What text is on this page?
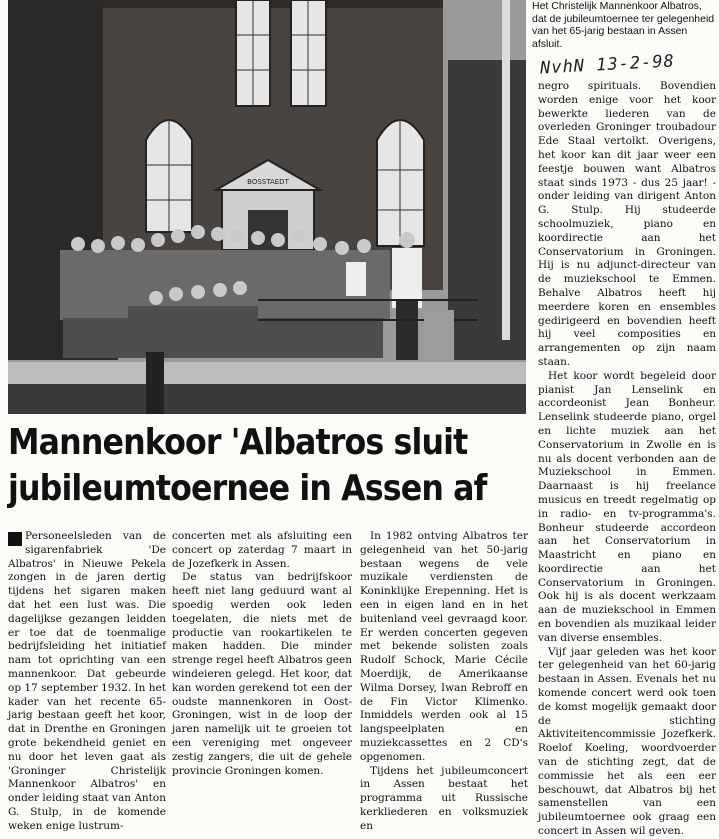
BOSSTAEDT
Het Christelijk Mannenkoor Albatros, dat de jubileumtoernee ter gelegenheid van het 65-jarig bestaan in Assen afsluit.
NvhN 13-2-98
Mannenkoor 'Albatros sluit
jubileumtoernee in Assen af

Personeelsleden van de sigarenfabriek 'De Albatros' in Nieuwe Pekela zongen in de jaren dertig tijdens het sigaren maken dat het een lust was. Die dagelijkse gezangen leidden er toe dat de toenmalige bedrijfsleiding het initiatief nam tot oprichting van een mannenkoor. Dat gebeurde op 17 september 1932. In het kader van het recente 65-jarig bestaan geeft het koor, dat in Drenthe en Groningen grote bekendheid geniet en nu door het leven gaat als 'Groninger Christelijk Mannenkoor Albatros' en onder leiding staat van Anton G. Stulp, in de komende weken enige lustrum-

concerten met als afsluiting een concert op zaterdag 7 maart in de Jozefkerk in Assen.

De status van bedrijfskoor heeft niet lang geduurd want al spoedig werden ook leden toegelaten, die niets met de productie van rookartikelen te maken hadden. Die minder strenge regel heeft Albatros geen windeieren gelegd. Het koor, dat kan worden gerekend tot een der oudste mannenkoren in Oost-Groningen, wist in de loop der jaren namelijk uit te groeien tot een vereniging met ongeveer zestig zangers, die uit de gehele provincie Groningen komen.

In 1982 ontving Albatros ter gelegenheid van het 50-jarig bestaan wegens de vele muzikale verdiensten de Koninklijke Erepenning. Het is een in eigen land en in het buitenland veel gevraagd koor. Er werden concerten gegeven met bekende solisten zoals Rudolf Schock, Marie Cécile Moerdijk, de Amerikaanse Wilma Dorsey, Iwan Rebroff en de Fin Victor Klimenko. Inmiddels werden ook al 15 langspeelplaten en muziekcassettes en 2 CD's opgenomen.

Tijdens het jubileumconcert in Assen bestaat het programma uit Russische kerkliederen en volksmuziek en

negro spirituals. Bovendien worden enige voor het koor bewerkte liederen van de overleden Groninger troubadour Ede Staal vertolkt. Overigens, het koor kan dit jaar weer een feestje bouwen want Albatros staat sinds 1973 - dus 25 jaar! - onder leiding van dirigent Anton G. Stulp. Hij studeerde schoolmuziek, piano en koordirectie aan het Conservatorium in Groningen. Hij is nu adjunct-directeur van de muziekschool te Emmen. Behalve Albatros heeft hij meerdere koren en ensembles gedirigeerd en bovendien heeft hij veel composities en arrangementen op zijn naam staan.

Het koor wordt begeleid door pianist Jan Lenselink en accordeonist Jean Bonheur. Lenselink studeerde piano, orgel en lichte muziek aan het Conservatorium in Zwolle en is nu als docent verbonden aan de Muziekschool in Emmen. Daarnaast is hij freelance musicus en treedt regelmatig op in radio- en tv-programma's. Bonheur studeerde accordeon aan het Conservatorium in Maastricht en piano en koordirectie aan het Conservatorium in Groningen. Ook hij is als docent werkzaam aan de muziekschool in Emmen en bovendien als muzikaal leider van diverse ensembles.

Vijf jaar geleden was het koor ter gelegenheid van het 60-jarig bestaan in Assen. Evenals het nu komende concert werd ook toen de komst mogelijk gemaakt door de stichting Aktiviteitencommissie Jozefkerk. Roelof Koeling, woordvoerder van de stichting zegt, dat de commissie het als een eer beschouwt, dat Albatros bij het samenstellen van een jubileumtoernee ook graag een concert in Assen wil geven.
